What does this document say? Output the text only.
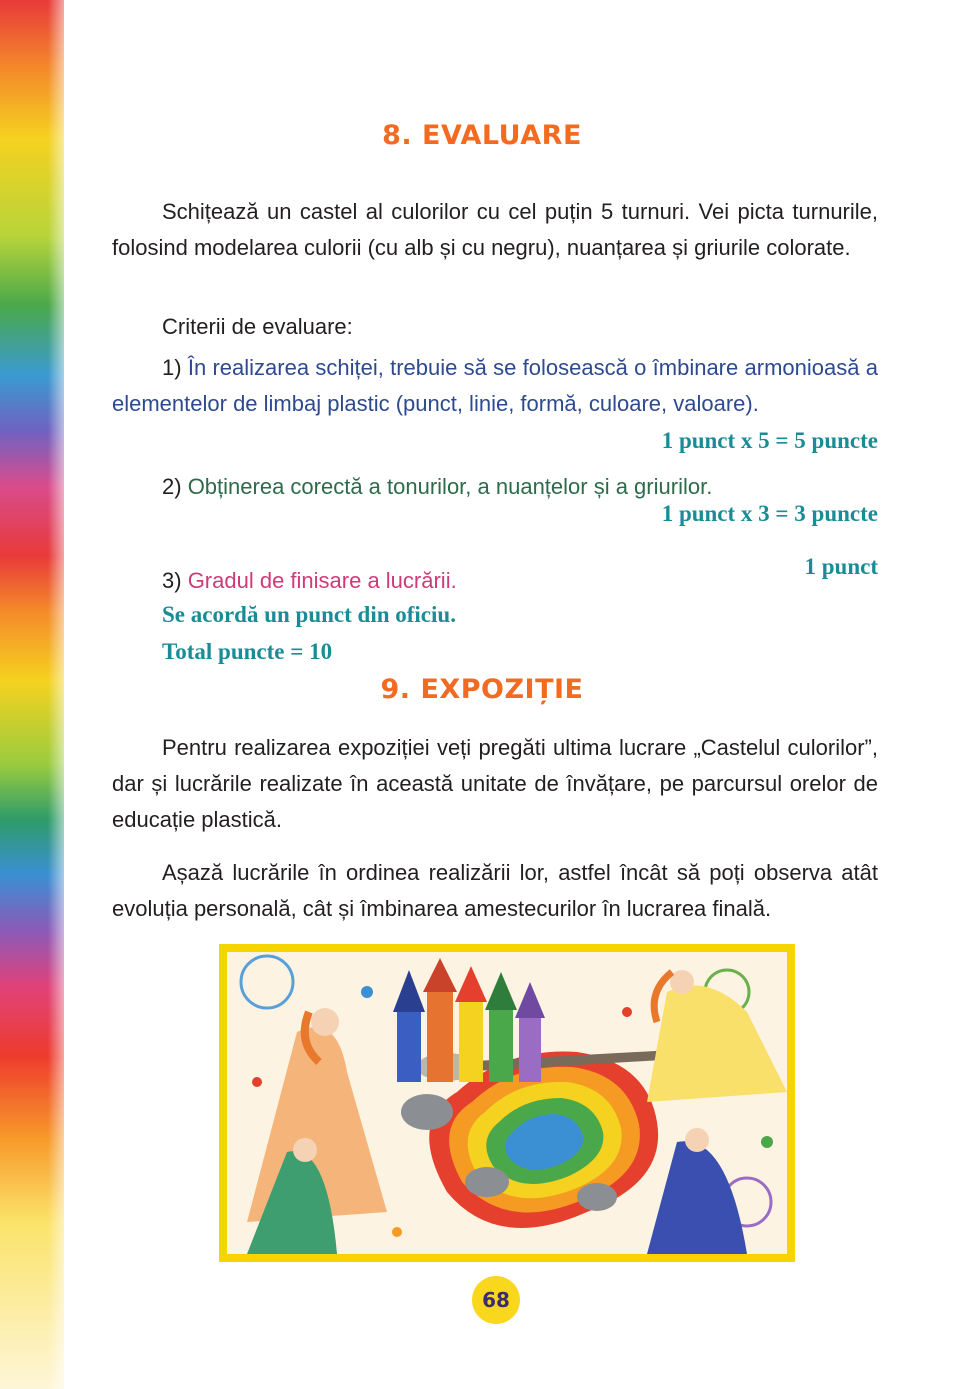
8. EVALUARE

Schițează un castel al culorilor cu cel puțin 5 turnuri. Vei picta turnurile, folosind modelarea culorii (cu alb și cu negru), nuanțarea și griurile colorate.

Criterii de evaluare:

1) În realizarea schiței, trebuie să se folosească o îmbinare armonioasă a elementelor de limbaj plastic (punct, linie, formă, culoare, valoare).

1 punct x 5 = 5 puncte

2) Obținerea corectă a tonurilor, a nuanțelor și a griurilor.

1 punct x 3 = 3 puncte
1 punct

3) Gradul de finisare a lucrării.

Se acordă un punct din oficiu.
Total puncte = 10
9. EXPOZIȚIE

Pentru realizarea expoziției veți pregăti ultima lucrare „Castelul culorilor”, dar și lucrările realizate în această unitate de învățare, pe parcursul orelor de educație plastică.

Așază lucrările în ordinea realizării lor, astfel încât să poți observa atât evoluția personală, cât și îmbinarea amestecurilor în lucrarea finală.

68
